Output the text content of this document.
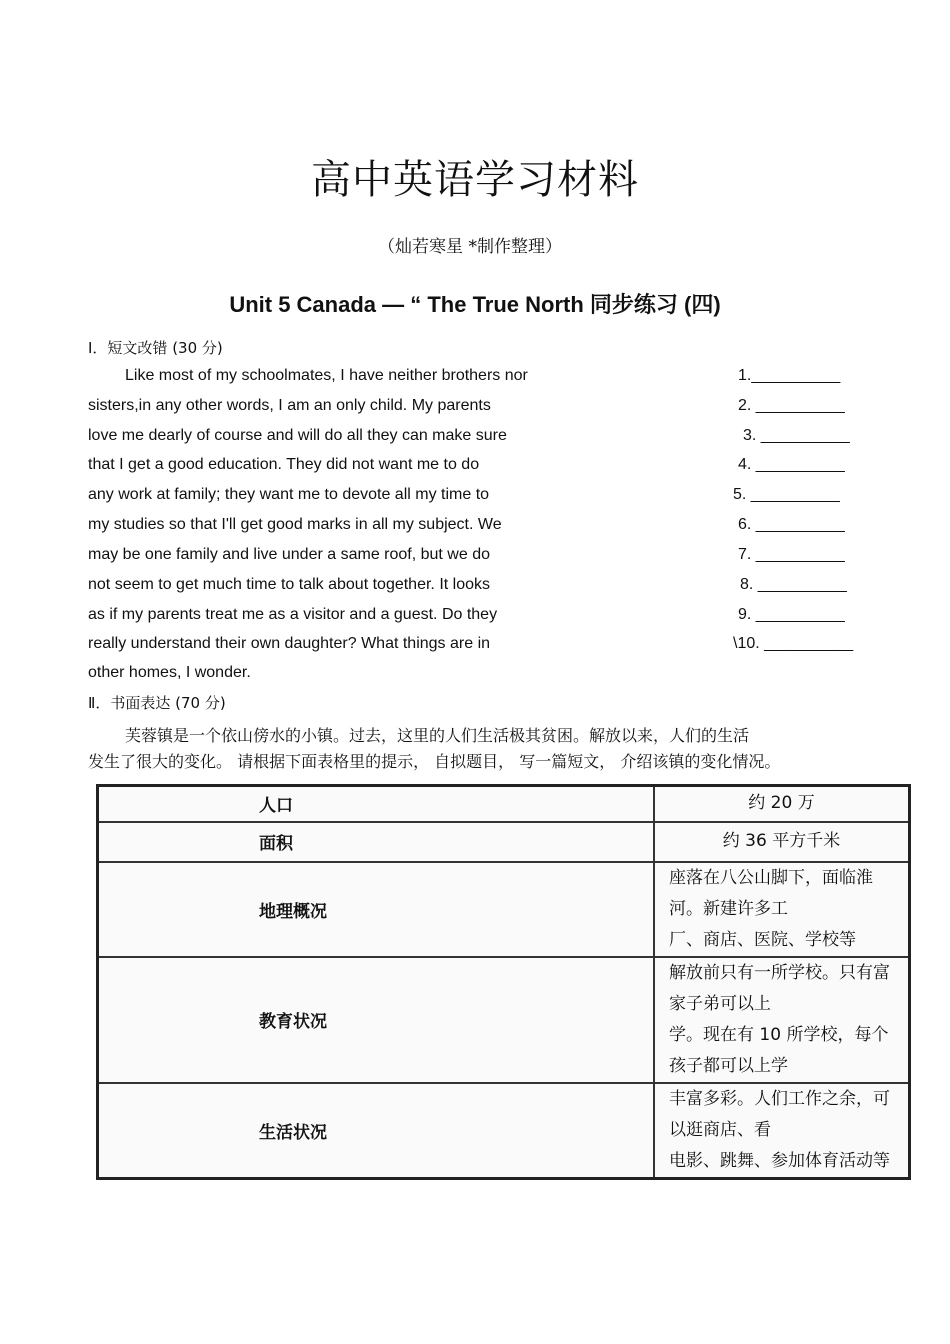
高中英语学习材料
（灿若寒星 *制作整理）
Unit 5 Canada — “ The True North 同步练习 (四)
I．短文改错 (30 分)
Like most of my schoolmates, I have neither brothers nor
sisters,in any other words, I am an only child. My parents
love me dearly of course and will do all they can make sure
that I get a good education. They did not want me to do
any work at family; they want me to devote all my time to
my studies so that I'll get good marks in all my subject. We
may be one family and live under a same roof, but we do
not seem to get much time to talk about together. It looks
as if my parents treat me as a visitor and a guest. Do they
really understand their own daughter? What things are in
other homes, I wonder.
1.__________
2. __________
3. __________
4. __________
5. __________
6. __________
7. __________
8. __________
9. __________
\10. __________
Ⅱ．书面表达 (70 分)
芙蓉镇是一个依山傍水的小镇。过去，这里的人们生活极其贫困。解放以来，人们的生活
发生了很大的变化。 请根据下面表格里的提示， 自拟题目， 写一篇短文， 介绍该镇的变化情况。
人口	约 20 万
面积	约 36 平方千米
地理概况	座落在八公山脚下，面临淮河。新建许多工
厂、商店、医院、学校等

教育状况	解放前只有一所学校。只有富家子弟可以上
学。现在有 10 所学校，每个孩子都可以上学

生活状况	丰富多彩。人们工作之余，可以逛商店、看
电影、跳舞、参加体育活动等
